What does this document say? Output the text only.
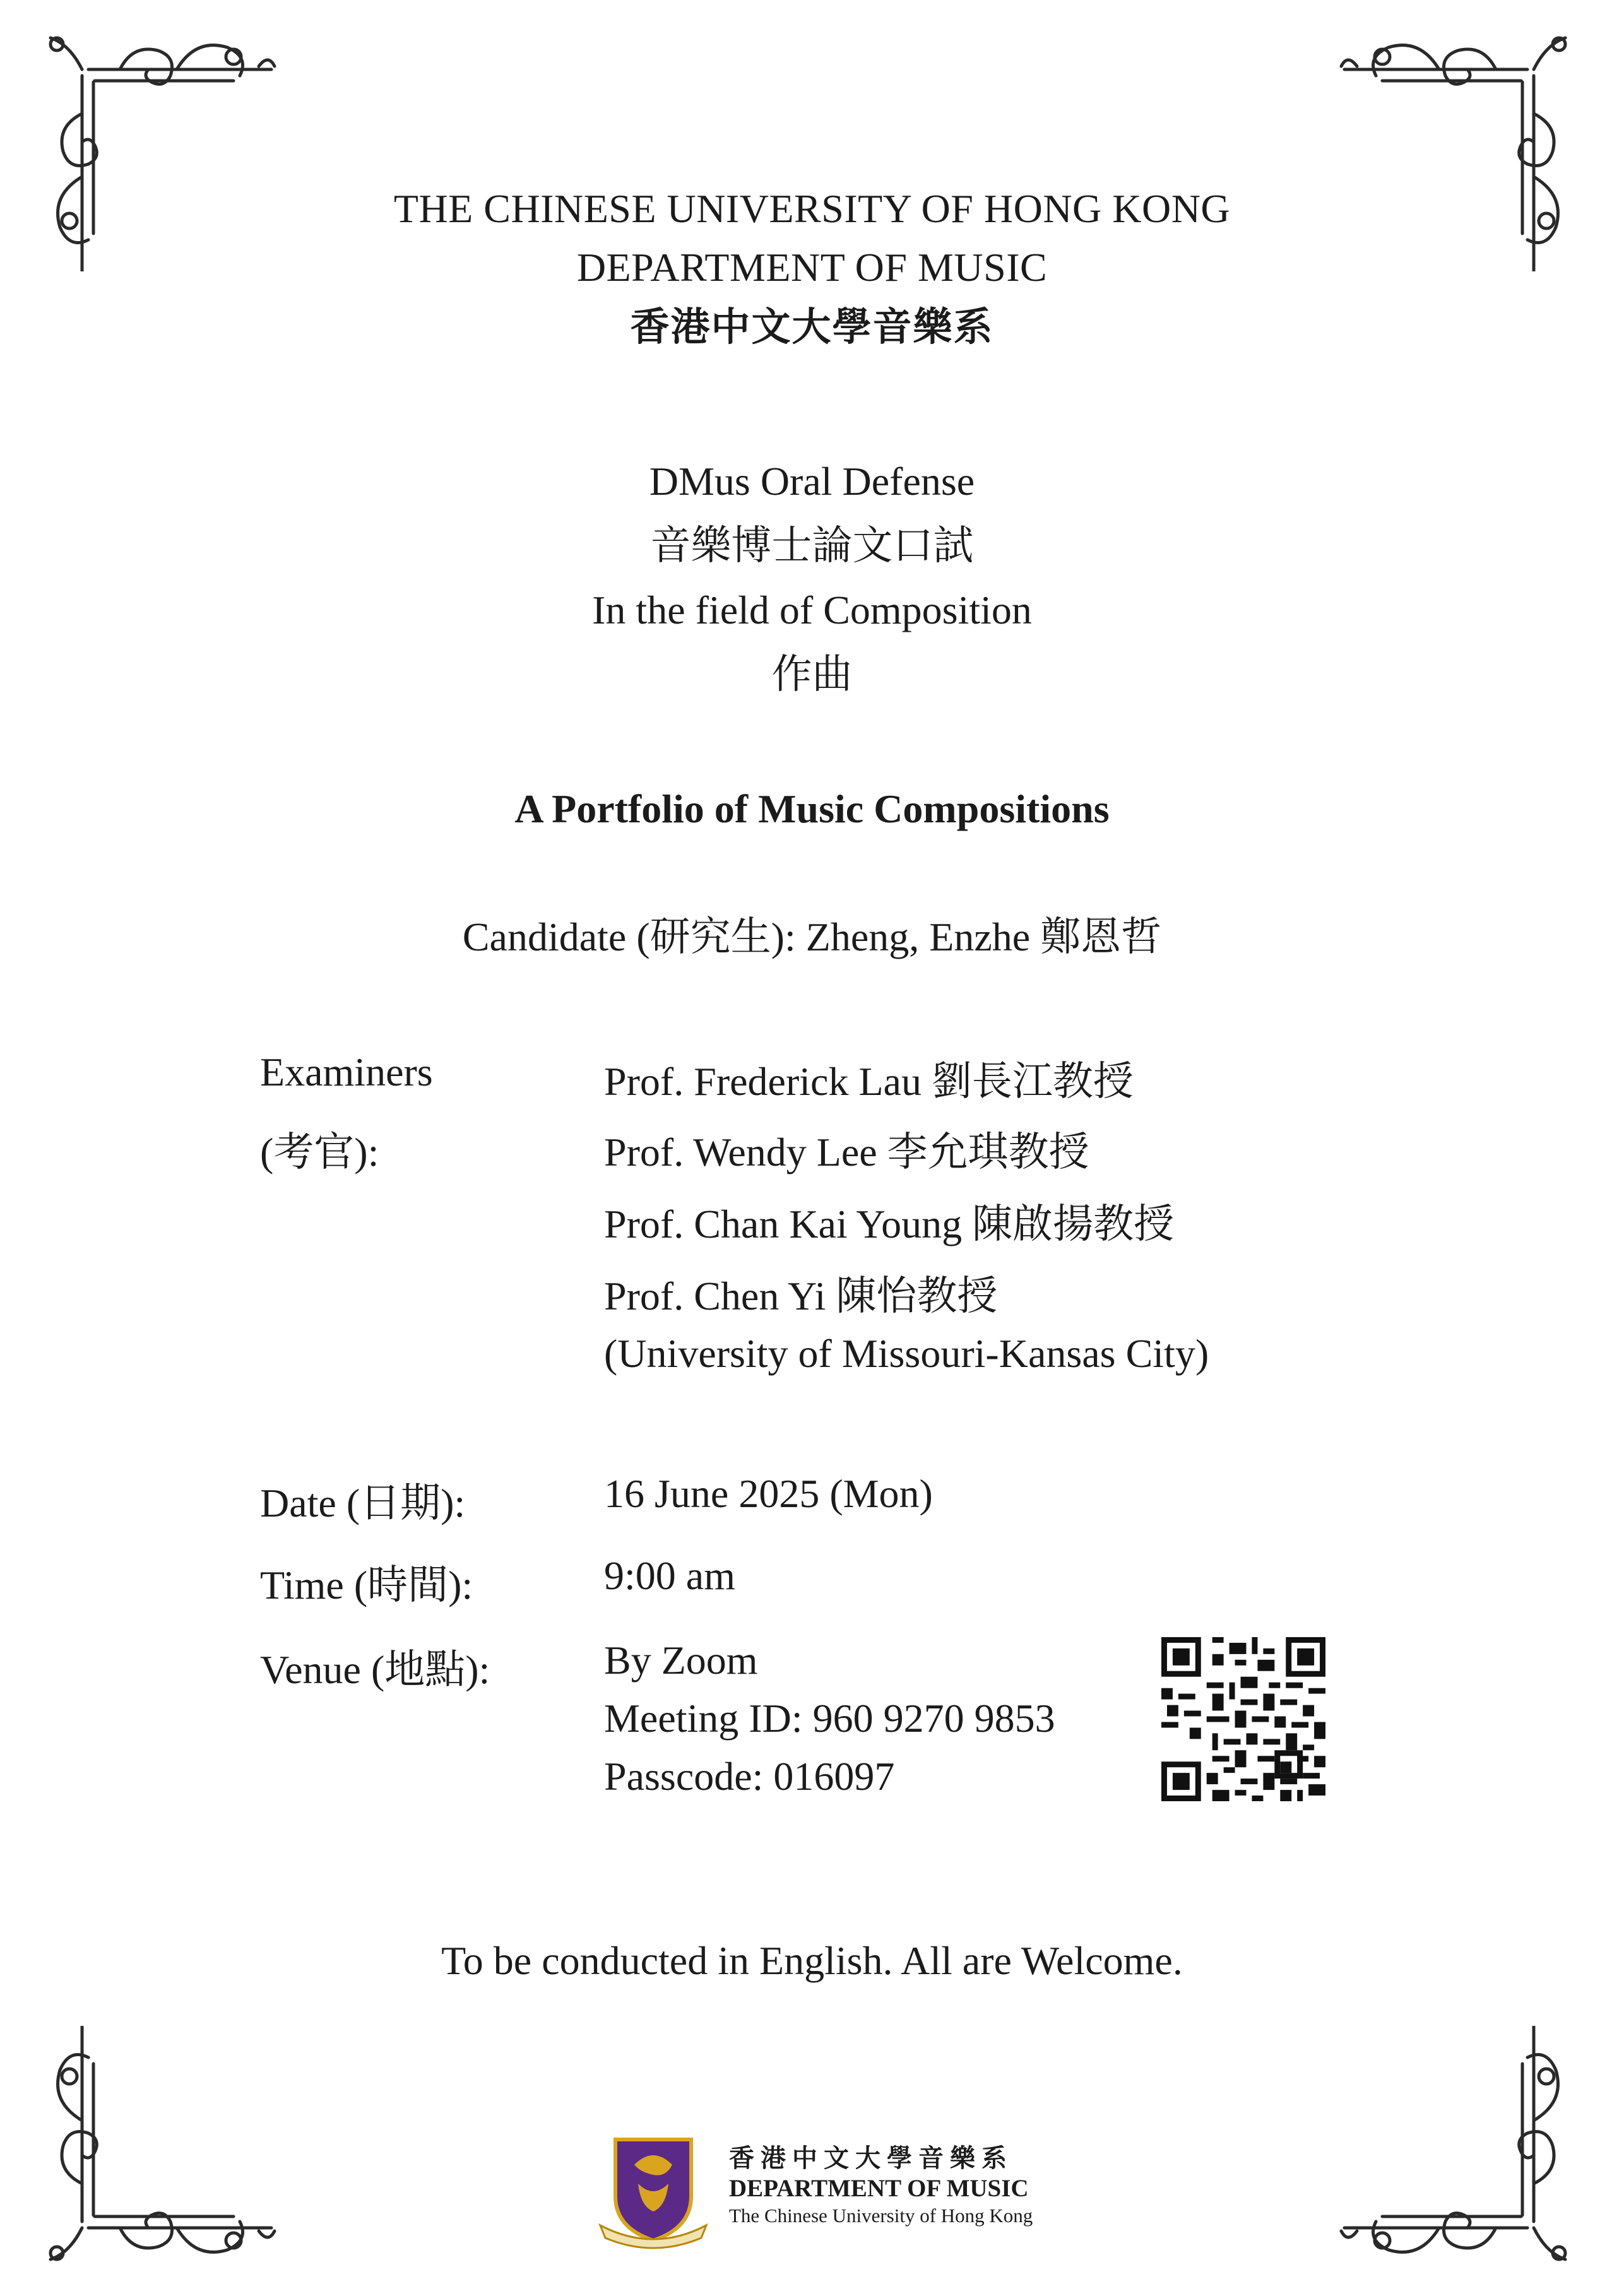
THE CHINESE UNIVERSITY OF HONG KONG
DEPARTMENT OF MUSIC
香港中文大學音樂系
DMus Oral Defense
音樂博士論文口試
In the field of Composition
作曲
A Portfolio of Music Compositions
Candidate (研究生): Zheng, Enzhe 鄭恩哲
Examiners
(考官):
Prof. Frederick Lau 劉長江教授
Prof. Wendy Lee 李允琪教授
Prof. Chan Kai Young 陳啟揚教授
Prof. Chen Yi 陳怡教授
(University of Missouri-Kansas City)
Date (日期):	16 June 2025 (Mon)
Time (時間):	9:00 am
Venue (地點):	By Zoom
Meeting ID: 960 9270 9853
Passcode: 016097
To be conducted in English. All are Welcome.
香港中文大學音樂系
DEPARTMENT OF MUSIC
The Chinese University of Hong Kong
